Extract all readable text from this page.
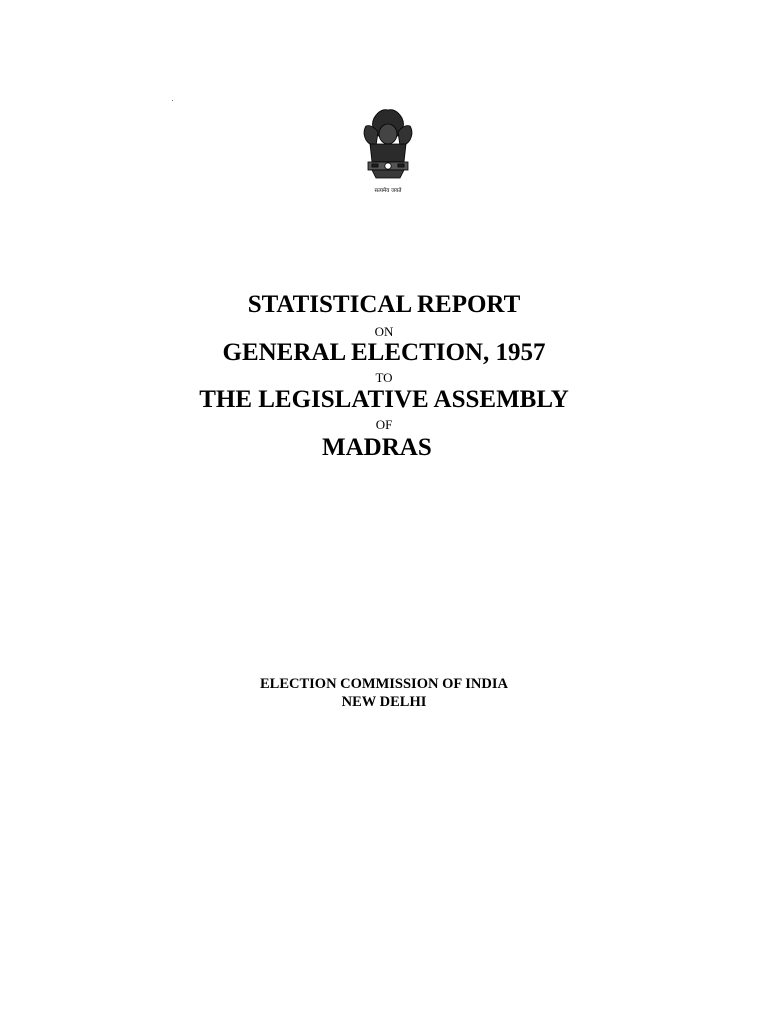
सत्यमेव जयते
STATISTICAL REPORT
ON
GENERAL ELECTION, 1957
TO
THE LEGISLATIVE ASSEMBLY
OF
MADRAS
ELECTION COMMISSION OF INDIA
NEW DELHI
